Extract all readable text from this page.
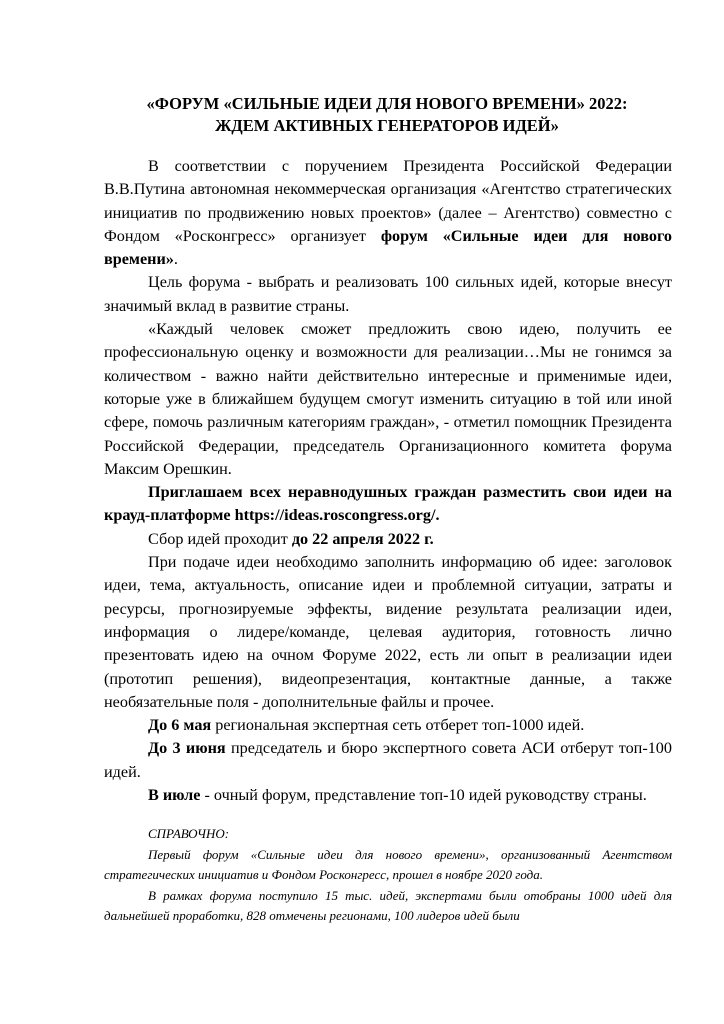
«ФОРУМ «СИЛЬНЫЕ ИДЕИ ДЛЯ НОВОГО ВРЕМЕНИ» 2022:
ЖДЕМ АКТИВНЫХ ГЕНЕРАТОРОВ ИДЕЙ»

В соответствии с поручением Президента Российской Федерации В.В.Путина автономная некоммерческая организация «Агентство стратегических инициатив по продвижению новых проектов» (далее – Агентство) совместно с Фондом «Росконгресс» организует форум «Сильные идеи для нового времени».

Цель форума - выбрать и реализовать 100 сильных идей, которые внесут значимый вклад в развитие страны.

«Каждый человек сможет предложить свою идею, получить ее профессиональную оценку и возможности для реализации…Мы не гонимся за количеством - важно найти действительно интересные и применимые идеи, которые уже в ближайшем будущем смогут изменить ситуацию в той или иной сфере, помочь различным категориям граждан», - отметил помощник Президента Российской Федерации, председатель Организационного комитета форума Максим Орешкин.

Приглашаем всех неравнодушных граждан разместить свои идеи на крауд-платформе https://ideas.roscongress.org/.

Сбор идей проходит до 22 апреля 2022 г.

При подаче идеи необходимо заполнить информацию об идее: заголовок идеи, тема, актуальность, описание идеи и проблемной ситуации, затраты и ресурсы, прогнозируемые эффекты, видение результата реализации идеи, информация о лидере/команде, целевая аудитория, готовность лично презентовать идею на очном Форуме 2022, есть ли опыт в реализации идеи (прототип решения), видеопрезентация, контактные данные, а также необязательные поля - дополнительные файлы и прочее.

До 6 мая региональная экспертная сеть отберет топ-1000 идей.

До 3 июня председатель и бюро экспертного совета АСИ отберут топ-100 идей.

В июле - очный форум, представление топ-10 идей руководству страны.

СПРАВОЧНО:

Первый форум «Сильные идеи для нового времени», организованный Агентством стратегических инициатив и Фондом Росконгресс, прошел в ноябре 2020 года.

В рамках форума поступило 15 тыс. идей, экспертами были отобраны 1000 идей для дальнейшей проработки, 828 отмечены регионами, 100 лидеров идей были
